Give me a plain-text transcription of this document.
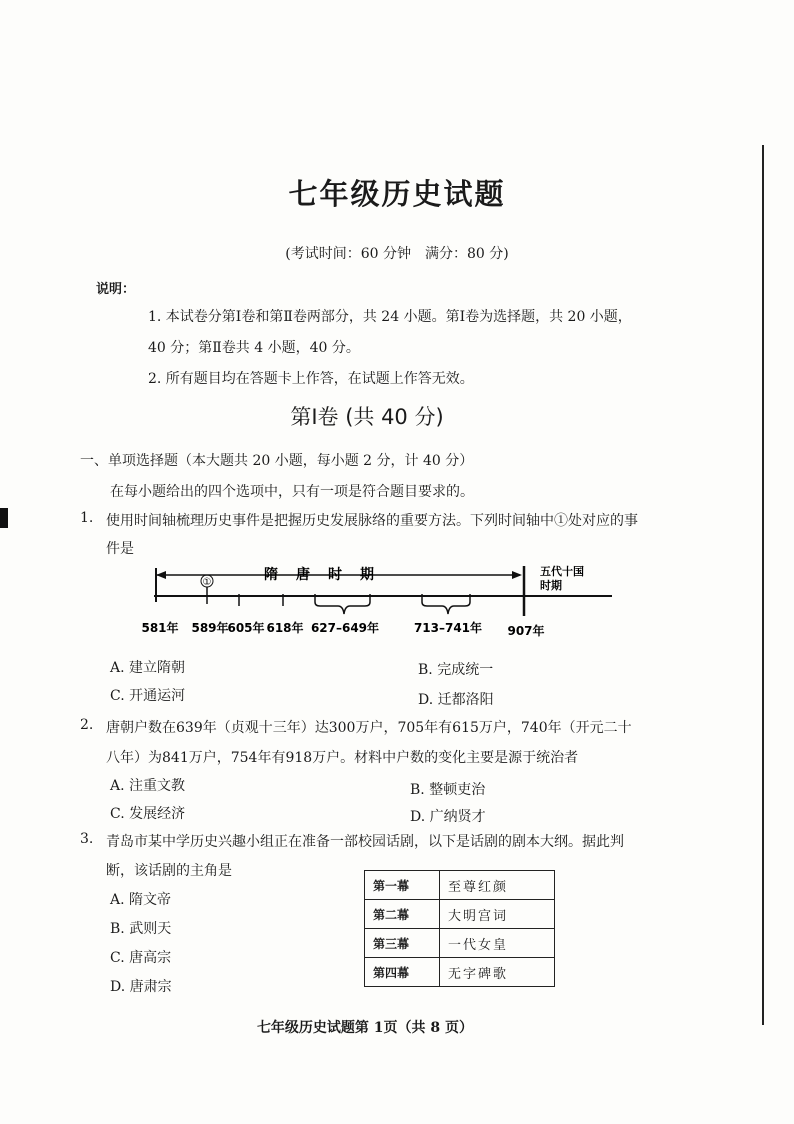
七年级历史试题
(考试时间：60 分钟　满分：80 分)
说明：
1. 本试卷分第Ⅰ卷和第Ⅱ卷两部分，共 24 小题。第Ⅰ卷为选择题，共 20 小题，
40 分；第Ⅱ卷共 4 小题，40 分。
2. 所有题目均在答题卡上作答，在试题上作答无效。
第Ⅰ卷 (共 40 分)
一、单项选择题（本大题共 20 小题，每小题 2 分，计 40 分）
在每小题给出的四个选项中，只有一项是符合题目要求的。
1. 使用时间轴梳理历史事件是把握历史发展脉络的重要方法。下列时间轴中①处对应的事
件是
①	隋　唐　时　期	五代十国
时期
581年 589年
605年 618年 627–649年	713–741年 907年
A. 建立隋朝	B. 完成统一
C. 开通运河	D. 迁都洛阳
2. 唐朝户数在639年（贞观十三年）达300万户，705年有615万户，740年（开元二十
八年）为841万户，754年有918万户。材料中户数的变化主要是源于统治者
A. 注重文教	B. 整顿吏治
C. 发展经济	D. 广纳贤才
3. 青岛市某中学历史兴趣小组正在准备一部校园话剧，以下是话剧的剧本大纲。据此判
断，该话剧的主角是
A. 隋文帝
B. 武则天
C. 唐高宗
D. 唐肃宗
第一幕	至尊红颜
第二幕	大明宫词
第三幕	一代女皇
第四幕	无字碑歌
七年级历史试题第 1页（共 8 页）
